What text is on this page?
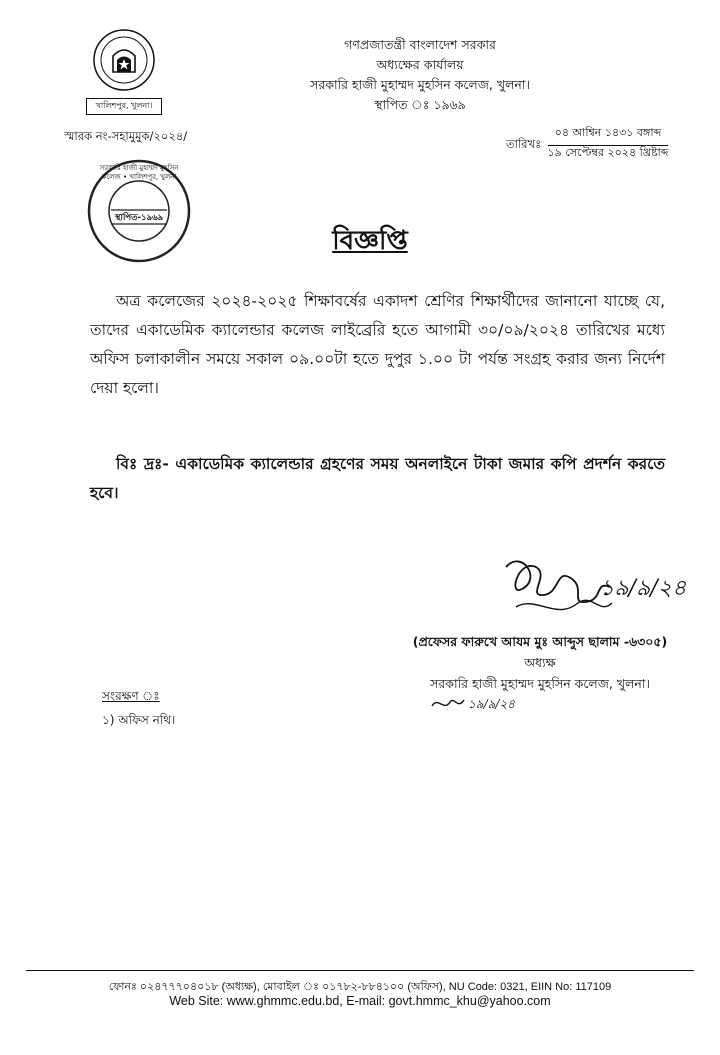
খালিশপুর, খুলনা।
গণপ্রজাতন্ত্রী বাংলাদেশ সরকার
অধ্যক্ষের কার্যালয়
সরকারি হাজী মুহাম্মদ মুহসিন কলেজ, খুলনা।
স্থাপিত ঃ ১৯৬৯
স্মারক নং-সহামুমুক/২০২৪/
তারিখঃ
০৪ আশ্বিন ১৪৩১ বঙ্গাব্দ
১৯ সেপ্টেম্বর ২০২৪ খ্রিষ্টাব্দ
সরকারি হাজী মুহাম্মদ মুহসিন কলেজ • খালিশপুর, খুলনা
স্থাপিত-১৯৬৯
বিজ্ঞপ্তি
অত্র কলেজের ২০২৪-২০২৫ শিক্ষাবর্ষের একাদশ শ্রেণির শিক্ষার্থীদের জানানো যাচ্ছে যে, তাদের একাডেমিক ক্যালেন্ডার কলেজ লাইব্রেরি হতে আগামী ৩০/০৯/২০২৪ তারিখের মধ্যে অফিস চলাকালীন সময়ে সকাল ০৯.০০টা হতে দুপুর ১.০০ টা পর্যন্ত সংগ্রহ করার জন্য নির্দেশ দেয়া হলো।
বিঃ দ্রঃ- একাডেমিক ক্যালেন্ডার গ্রহণের সময় অনলাইনে টাকা জমার কপি প্রদর্শন করতে হবে।
১৯/৯/২৪
(প্রফেসর ফারুখে আযম মুঃ আব্দুস ছালাম -৬৩০৫)
অধ্যক্ষ
সরকারি হাজী মুহাম্মদ মুহসিন কলেজ, খুলনা।
১৯/৯/২৪
সংরক্ষণ ঃ
১) অফিস নথি।
ফোনঃ ০২৪৭৭৭০৪০১৮ (অধ্যক্ষ), মোবাইল ঃ ০১৭৮২-৮৮৪১০০ (অফিস), NU Code: 0321, EIIN No: 117109
Web Site: www.ghmmc.edu.bd, E-mail: govt.hmmc_khu@yahoo.com
